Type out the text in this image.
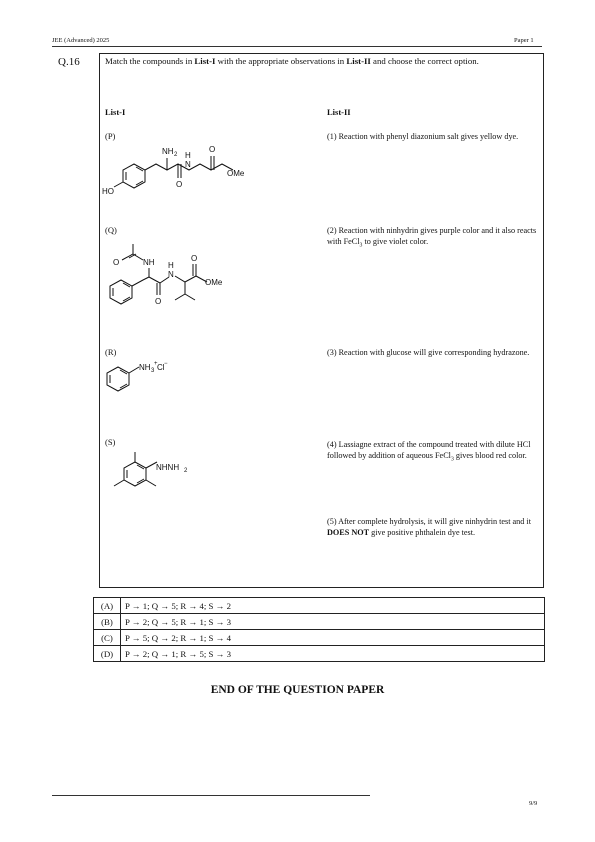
JEE (Advanced) 2025	Paper 1
Q.16	Match the compounds in List-I with the appropriate observations in List-II and choose the correct option.
List-I	List-II
(P)
(Q)
(R)
(S)
HO
NH 2
O
N
H
O
OMe
O	NH
O
N
H
O
OMe
NH 3
+ Cl −
NHNH 2
(1) Reaction with phenyl diazonium salt gives yellow dye.
(2) Reaction with ninhydrin gives purple color and it also reacts with FeCl$_3$ to give violet color.
(3) Reaction with glucose will give corresponding hydrazone.
(4) Lassiagne extract of the compound treated with dilute HCl followed by addition of aqueous FeCl$_3$ gives blood red color.
(5) After complete hydrolysis, it will give ninhydrin test and it DOES NOT give positive phthalein dye test.
(A)	P → 1; Q → 5; R → 4; S → 2
(B)	P → 2; Q → 5; R → 1; S → 3
(C)	P → 5; Q → 2; R → 1; S → 4
(D)	P → 2; Q → 1; R → 5; S → 3
END OF THE QUESTION PAPER
9/9
